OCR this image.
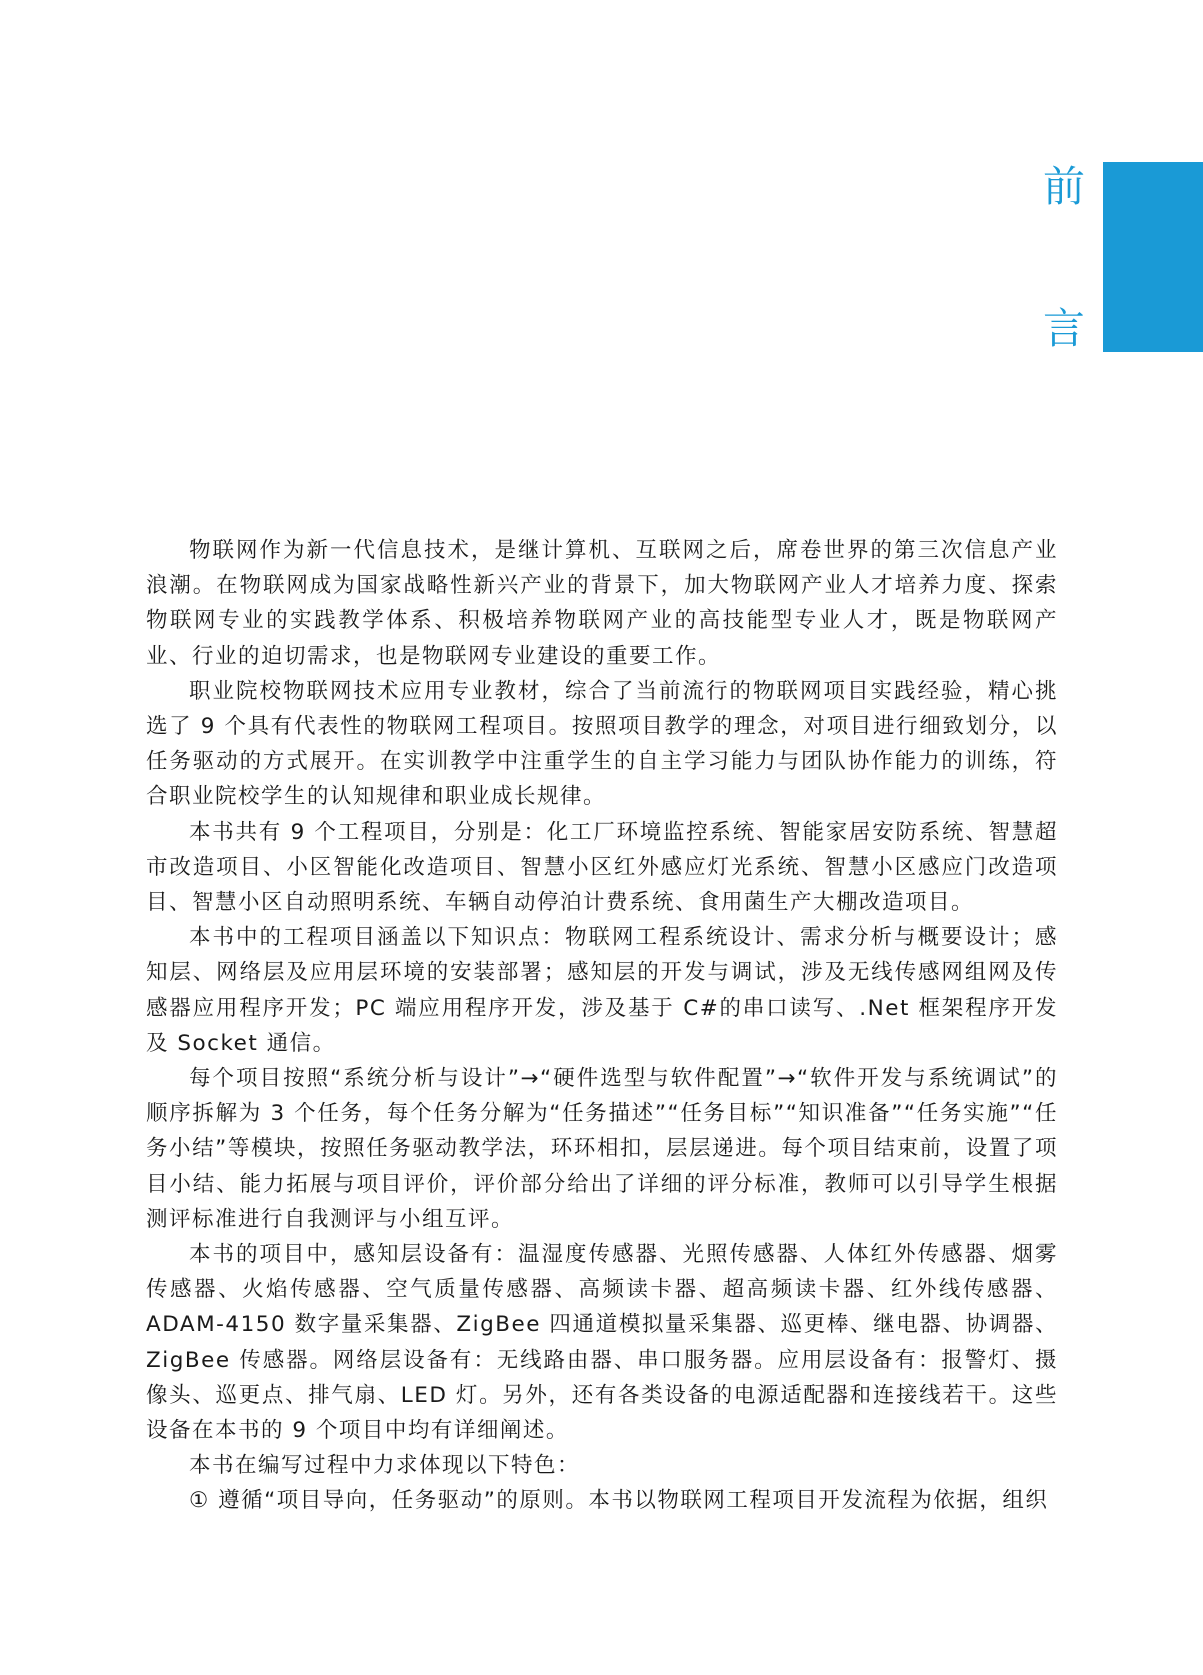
前
言

物联网作为新一代信息技术，是继计算机、互联网之后，席卷世界的第三次信息产业浪潮。在物联网成为国家战略性新兴产业的背景下，加大物联网产业人才培养力度、探索物联网专业的实践教学体系、积极培养物联网产业的高技能型专业人才，既是物联网产业、行业的迫切需求，也是物联网专业建设的重要工作。

职业院校物联网技术应用专业教材，综合了当前流行的物联网项目实践经验，精心挑选了 9 个具有代表性的物联网工程项目。按照项目教学的理念，对项目进行细致划分，以任务驱动的方式展开。在实训教学中注重学生的自主学习能力与团队协作能力的训练，符合职业院校学生的认知规律和职业成长规律。

本书共有 9 个工程项目，分别是：化工厂环境监控系统、智能家居安防系统、智慧超市改造项目、小区智能化改造项目、智慧小区红外感应灯光系统、智慧小区感应门改造项目、智慧小区自动照明系统、车辆自动停泊计费系统、食用菌生产大棚改造项目。

本书中的工程项目涵盖以下知识点：物联网工程系统设计、需求分析与概要设计；感知层、网络层及应用层环境的安装部署；感知层的开发与调试，涉及无线传感网组网及传感器应用程序开发；PC 端应用程序开发，涉及基于 C#的串口读写、.Net 框架程序开发及 Socket 通信。

每个项目按照“系统分析与设计”→“硬件选型与软件配置”→“软件开发与系统调试”的顺序拆解为 3 个任务，每个任务分解为“任务描述”“任务目标”“知识准备”“任务实施”“任务小结”等模块，按照任务驱动教学法，环环相扣，层层递进。每个项目结束前，设置了项目小结、能力拓展与项目评价，评价部分给出了详细的评分标准，教师可以引导学生根据测评标准进行自我测评与小组互评。

本书的项目中，感知层设备有：温湿度传感器、光照传感器、人体红外传感器、烟雾传感器、火焰传感器、空气质量传感器、高频读卡器、超高频读卡器、红外线传感器、ADAM-4150 数字量采集器、ZigBee 四通道模拟量采集器、巡更棒、继电器、协调器、ZigBee 传感器。网络层设备有：无线路由器、串口服务器。应用层设备有：报警灯、摄像头、巡更点、排气扇、LED 灯。另外，还有各类设备的电源适配器和连接线若干。这些设备在本书的 9 个项目中均有详细阐述。

本书在编写过程中力求体现以下特色：

① 遵循“项目导向，任务驱动”的原则。本书以物联网工程项目开发流程为依据，组织
